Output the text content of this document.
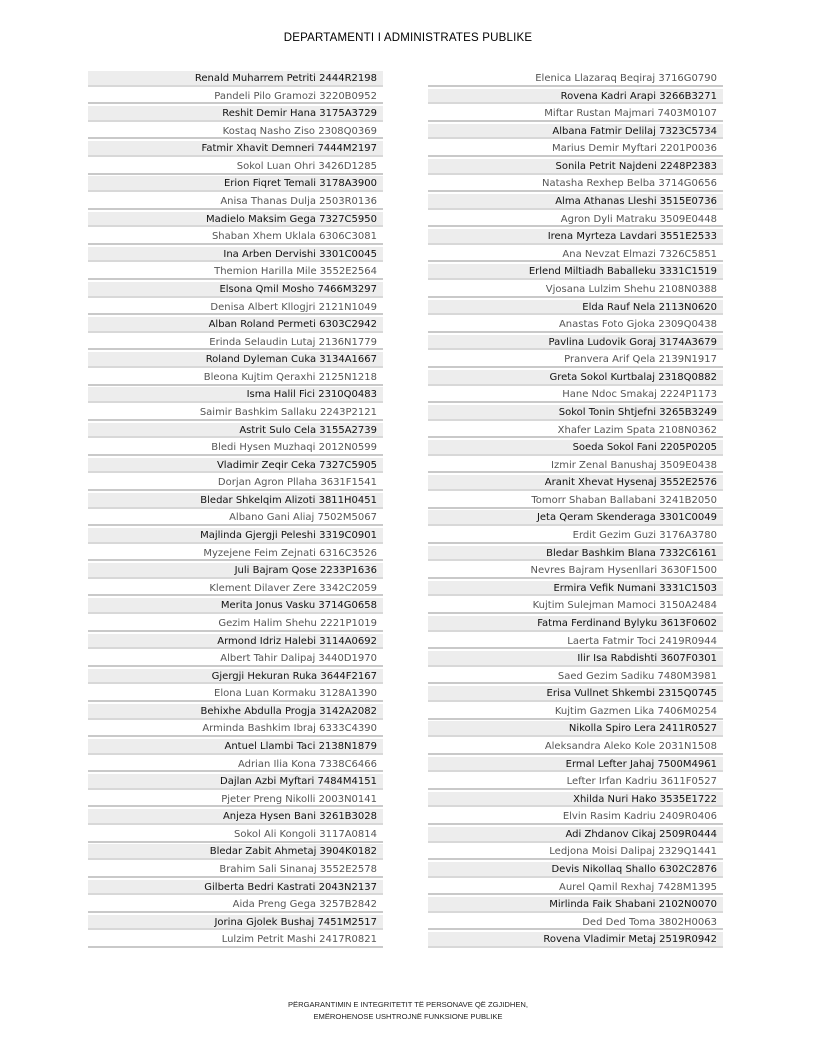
DEPARTAMENTI I ADMINISTRATES PUBLIKE
Renald Muharrem Petriti 2444R2198
Pandeli Pilo Gramozi 3220B0952
Reshit Demir Hana 3175A3729
Kostaq Nasho Ziso 2308Q0369
Fatmir Xhavit Demneri 7444M2197
Sokol Luan Ohri 3426D1285
Erion Fiqret Temali 3178A3900
Anisa Thanas Dulja 2503R0136
Madielo Maksim Gega 7327C5950
Shaban Xhem Uklala 6306C3081
Ina Arben Dervishi 3301C0045
Themion Harilla Mile 3552E2564
Elsona Qmil Mosho 7466M3297
Denisa Albert Kllogjri 2121N1049
Alban Roland Permeti 6303C2942
Erinda Selaudin Lutaj 2136N1779
Roland Dyleman Cuka 3134A1667
Bleona Kujtim Qeraxhi 2125N1218
Isma Halil Fici 2310Q0483
Saimir Bashkim Sallaku 2243P2121
Astrit Sulo Cela 3155A2739
Bledi Hysen Muzhaqi 2012N0599
Vladimir Zeqir Ceka 7327C5905
Dorjan Agron Pllaha 3631F1541
Bledar Shkelqim Alizoti 3811H0451
Albano Gani Aliaj 7502M5067
Majlinda Gjergji Peleshi 3319C0901
Myzejene Feim Zejnati 6316C3526
Juli Bajram Qose 2233P1636
Klement Dilaver Zere 3342C2059
Merita Jonus Vasku 3714G0658
Gezim Halim Shehu 2221P1019
Armond Idriz Halebi 3114A0692
Albert Tahir Dalipaj 3440D1970
Gjergji Hekuran Ruka 3644F2167
Elona Luan Kormaku 3128A1390
Behixhe Abdulla Progja 3142A2082
Arminda Bashkim Ibraj 6333C4390
Antuel Llambi Taci 2138N1879
Adrian Ilia Kona 7338C6466
Dajlan Azbi Myftari 7484M4151
Pjeter Preng Nikolli 2003N0141
Anjeza Hysen Bani 3261B3028
Sokol Ali Kongoli 3117A0814
Bledar Zabit Ahmetaj 3904K0182
Brahim Sali Sinanaj 3552E2578
Gilberta Bedri Kastrati 2043N2137
Aida Preng Gega 3257B2842
Jorina Gjolek Bushaj 7451M2517
Lulzim Petrit Mashi 2417R0821
Elenica Llazaraq Beqiraj 3716G0790
Rovena Kadri Arapi 3266B3271
Miftar Rustan Majmari 7403M0107
Albana Fatmir Delilaj 7323C5734
Marius Demir Myftari 2201P0036
Sonila Petrit Najdeni 2248P2383
Natasha Rexhep Belba 3714G0656
Alma Athanas Lleshi 3515E0736
Agron Dyli Matraku 3509E0448
Irena Myrteza Lavdari 3551E2533
Ana Nevzat Elmazi 7326C5851
Erlend Miltiadh Baballeku 3331C1519
Vjosana Lulzim Shehu 2108N0388
Elda Rauf Nela 2113N0620
Anastas Foto Gjoka 2309Q0438
Pavlina Ludovik Goraj 3174A3679
Pranvera Arif Qela 2139N1917
Greta Sokol Kurtbalaj 2318Q0882
Hane Ndoc Smakaj 2224P1173
Sokol Tonin Shtjefni 3265B3249
Xhafer Lazim Spata 2108N0362
Soeda Sokol Fani 2205P0205
Izmir Zenal Banushaj 3509E0438
Aranit Xhevat Hysenaj 3552E2576
Tomorr Shaban Ballabani 3241B2050
Jeta Qeram Skenderaga 3301C0049
Erdit Gezim Guzi 3176A3780
Bledar Bashkim Blana 7332C6161
Nevres Bajram Hysenllari 3630F1500
Ermira Vefik Numani 3331C1503
Kujtim Sulejman Mamoci 3150A2484
Fatma Ferdinand Bylyku 3613F0602
Laerta Fatmir Toci 2419R0944
Ilir Isa Rabdishti 3607F0301
Saed Gezim Sadiku 7480M3981
Erisa Vullnet Shkembi 2315Q0745
Kujtim Gazmen Lika 7406M0254
Nikolla Spiro Lera 2411R0527
Aleksandra Aleko Kole 2031N1508
Ermal Lefter Jahaj 7500M4961
Lefter Irfan Kadriu 3611F0527
Xhilda Nuri Hako 3535E1722
Elvin Rasim Kadriu 2409R0406
Adi Zhdanov Cikaj 2509R0444
Ledjona Moisi Dalipaj 2329Q1441
Devis Nikollaq Shallo 6302C2876
Aurel Qamil Rexhaj 7428M1395
Mirlinda Faik Shabani 2102N0070
Ded Ded Toma 3802H0063
Rovena Vladimir Metaj 2519R0942
PËRGARANTIMIN E INTEGRITETIT TË PERSONAVE QË ZGJIDHEN,
EMËROHENOSE USHTROJNË FUNKSIONE PUBLIKE
